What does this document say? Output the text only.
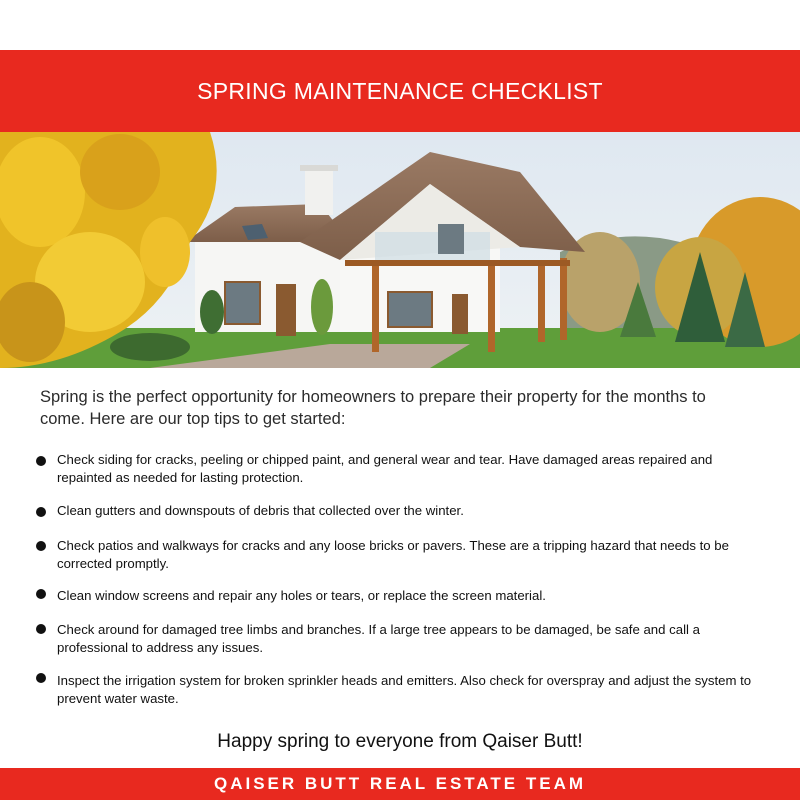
SPRING MAINTENANCE CHECKLIST

Spring is the perfect opportunity for homeowners to prepare their property for the months to come. Here are our top tips to get started:

Check siding for cracks, peeling or chipped paint, and general wear and tear. Have damaged areas repaired and repainted as needed for lasting protection.

Clean gutters and downspouts of debris that collected over the winter.

Check patios and walkways for cracks and any loose bricks or pavers. These are a tripping hazard that needs to be corrected promptly.

Clean window screens and repair any holes or tears, or replace the screen material.

Check around for damaged tree limbs and branches. If a large tree appears to be damaged, be safe and call a professional to address any issues.

Inspect the irrigation system for broken sprinkler heads and emitters. Also check for overspray and adjust the system to prevent water waste.

Happy spring to everyone from Qaiser Butt!

QAISER BUTT REAL ESTATE TEAM
